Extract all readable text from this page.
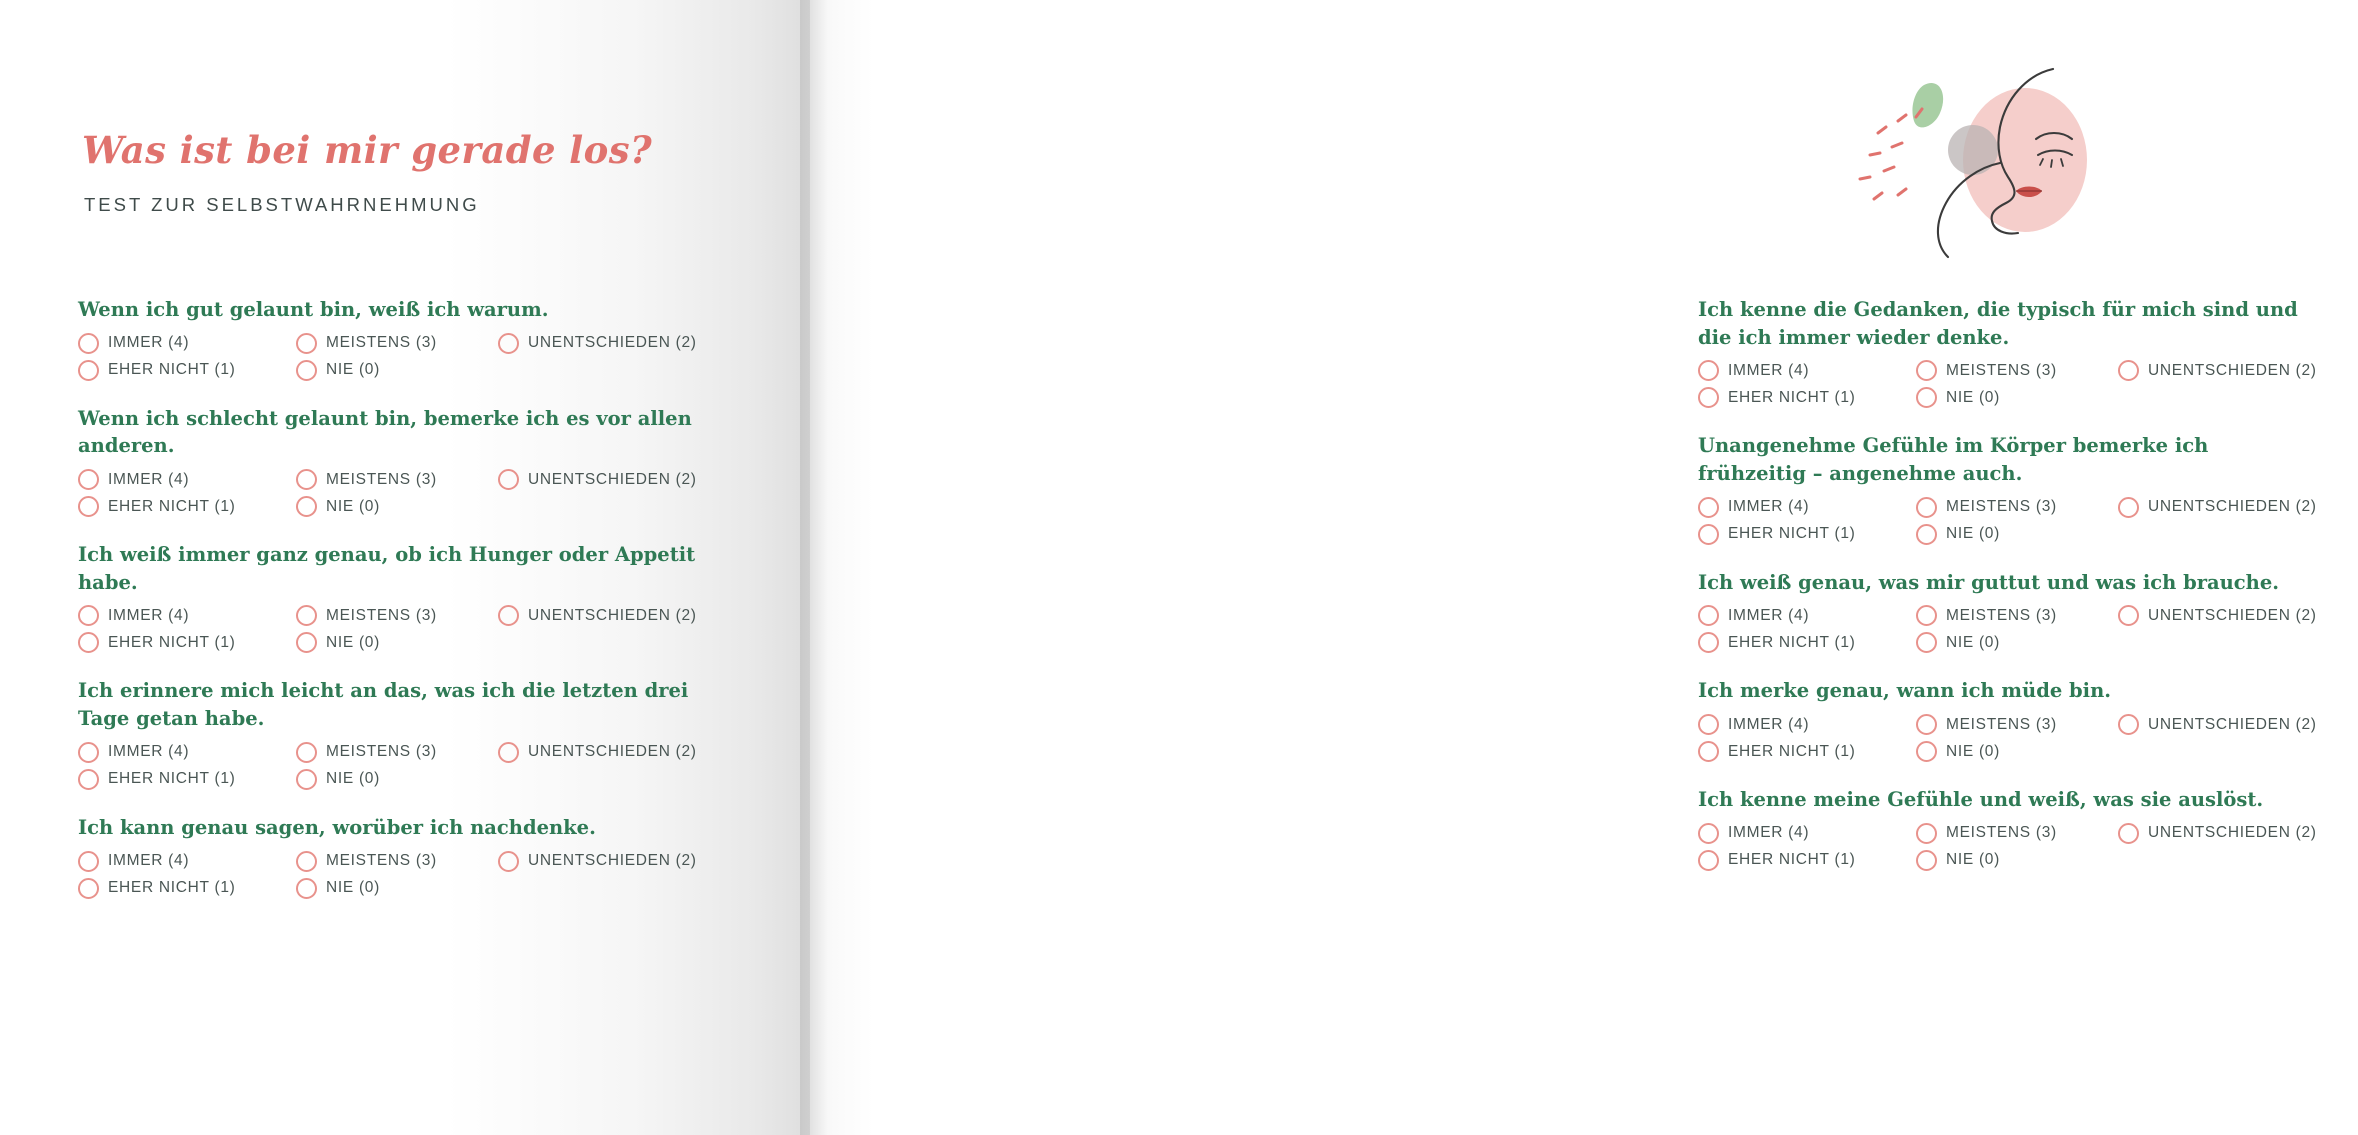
Was ist bei mir gerade los?
TEST ZUR SELBSTWAHRNEHMUNG
Wenn ich gut gelaunt bin, weiß ich warum.
IMMER (4)	MEISTENS (3)	UNENTSCHIEDEN (2)
EHER NICHT (1)	NIE (0)
Wenn ich schlecht gelaunt bin, bemerke ich es vor allen anderen.
IMMER (4)	MEISTENS (3)	UNENTSCHIEDEN (2)
EHER NICHT (1)	NIE (0)
Ich weiß immer ganz genau, ob ich Hunger oder Appetit habe.
IMMER (4)	MEISTENS (3)	UNENTSCHIEDEN (2)
EHER NICHT (1)	NIE (0)
Ich erinnere mich leicht an das, was ich die letzten drei Tage getan habe.
IMMER (4)	MEISTENS (3)	UNENTSCHIEDEN (2)
EHER NICHT (1)	NIE (0)
Ich kann genau sagen, worüber ich nachdenke.
IMMER (4)	MEISTENS (3)	UNENTSCHIEDEN (2)
EHER NICHT (1)	NIE (0)
Ich kenne die Gedanken, die typisch für mich sind und die ich immer wieder denke.
IMMER (4)	MEISTENS (3)	UNENTSCHIEDEN (2)
EHER NICHT (1)	NIE (0)
Unangenehme Gefühle im Körper bemerke ich frühzeitig – angenehme auch.
IMMER (4)	MEISTENS (3)	UNENTSCHIEDEN (2)
EHER NICHT (1)	NIE (0)
Ich weiß genau, was mir guttut und was ich brauche.
IMMER (4)	MEISTENS (3)	UNENTSCHIEDEN (2)
EHER NICHT (1)	NIE (0)
Ich merke genau, wann ich müde bin.
IMMER (4)	MEISTENS (3)	UNENTSCHIEDEN (2)
EHER NICHT (1)	NIE (0)
Ich kenne meine Gefühle und weiß, was sie auslöst.
IMMER (4)	MEISTENS (3)	UNENTSCHIEDEN (2)
EHER NICHT (1)	NIE (0)
